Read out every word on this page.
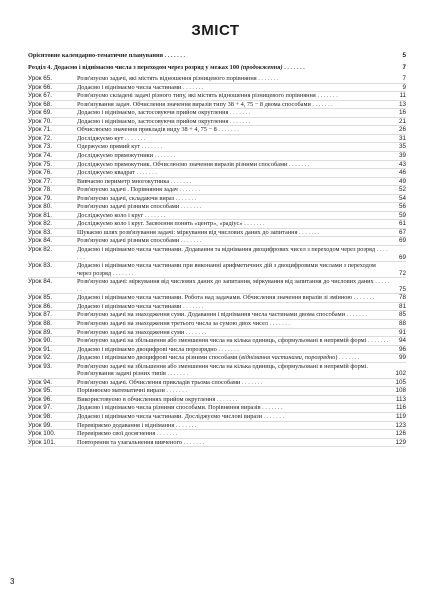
ЗМІСТ
Орієнтовне календарно-тематичне планування . . . . . . .	5
Розділ 4. Додаємо і віднімаємо числа з переходом через розряд у межах 100 (продовження) . . . . . . .	7
Урок 65.	Розв'язуємо задачі, які містять відношення різницевого порівняння . . . . . . .	7
Урок 66.	Додаємо і віднімаємо числа частинами . . . . . . .	9
Урок 67.	Розв'язуємо складені задачі різного типу, які містять відношення різницевого порівняння . . . . . . .	11
Урок 68.	Розв'язування задач. Обчислення значення виразів типу 38 + 4, 75 − 8 двома способами . . . . . . .	13
Урок 69.	Додаємо і віднімаємо, застосовуючи прийом округлення . . . . . . .	16
Урок 70.	Додаємо і віднімаємо, застосовуючи прийом округлення . . . . . . .	21
Урок 71.	Обчислюємо значення прикладів виду 38 + 4, 75 − 8 . . . . . . .	26
Урок 72.	Досліджуємо кут . . . . . . .	31
Урок 73.	Одержуємо прямий кут . . . . . . .	35
Урок 74.	Досліджуємо прямокутники . . . . . . .	39
Урок 75.	Досліджуємо прямокутник. Обчислюємо значення виразів різними способами . . . . . . .	43
Урок 76.	Досліджуємо квадрат . . . . . . .	46
Урок 77.	Вивчаємо периметр многокутника . . . . . . .	49
Урок 78.	Розв'язуємо задачі . Порівняння задач . . . . . . .	52
Урок 79.	Розв'язуємо задачі, складаючи вираз . . . . . . .	54
Урок 80.	Розв'язуємо задачі різними способами . . . . . . .	56
Урок 81.	Досліджуємо коло і круг . . . . . . .	59
Урок 82.	Досліджуємо коло і круг. Засвоєння понять «центр», «радіус» . . . . . . .	61
Урок 83.	Шукаємо шлях розв'язування задачі: міркування від числових даних до запитання . . . . . . .	67
Урок 84.	Розв'язуємо задачі різними способами . . . . . . .	69
Урок 82.	Додаємо і віднімаємо числа частинами. Додавання та віднімання двоцифрових чисел з переходом через розряд . . . . . . .	69
Урок 83.	Додаємо і віднімаємо числа частинами при виконанні арифметичних дій з двоцифровими числами з переходом через розряд . . . . . . .	72
Урок 84.	Розв'язуємо задачі: міркування від числових даних до запитання, міркування від запитання до числових даних . . . . . . .	75
Урок 85.	Додаємо і віднімаємо числа частинами. Робота над задачами. Обчислення значення виразів зі змінною . . . . . . .	78
Урок 86.	Додаємо і віднімаємо числа частинами . . . . . . .	81
Урок 87.	Розв'язуємо задачі на знаходження суми. Додавання і віднімання числа частинами двома способами . . . . . . .	85
Урок 88.	Розв'язуємо задачі на знаходження третього числа за сумою двох чисел . . . . . . .	88
Урок 89.	Розв'язуємо задачі на знаходження суми . . . . . . .	91
Урок 90.	Розв'язуємо задачі на збільшення або зменшення числа на кілька одиниць, сформульовані в непрямій формі . . . . . . .	94
Урок 91.	Додаємо і віднімаємо двоцифрові числа порозрядно . . . . . . .	96
Урок 92.	Додаємо і віднімаємо двоцифрові числа різними способами (віднімання частинами, порозрядно) . . . . . . .	99
Урок 93.	Розв'язуємо задачі на збільшення або зменшення числа на кілька одиниць, сформульовані в непрямій формі. Розв'язування задачі різних типів . . . . . . .	102
Урок 94.	Розв'язуємо задачі. Обчислення прикладів трьома способами . . . . . . .	105
Урок 95.	Порівнюємо математичні вирази . . . . . . .	108
Урок 96.	Використовуємо в обчисленнях прийом округлення . . . . . . .	113
Урок 97.	Додаємо і віднімаємо числа різними способами. Порівняння виразів . . . . . . .	116
Урок 98.	Додаємо і віднімаємо числа частинами. Досліджуємо числові вирази . . . . . . .	119
Урок 99.	Перевіряємо додавання і віднімання . . . . . . .	123
Урок 100.	Перевіряємо свої досягнення . . . . . . .	126
Урок 101.	Повторення та узагальнення вивченого . . . . . . .	129
3
